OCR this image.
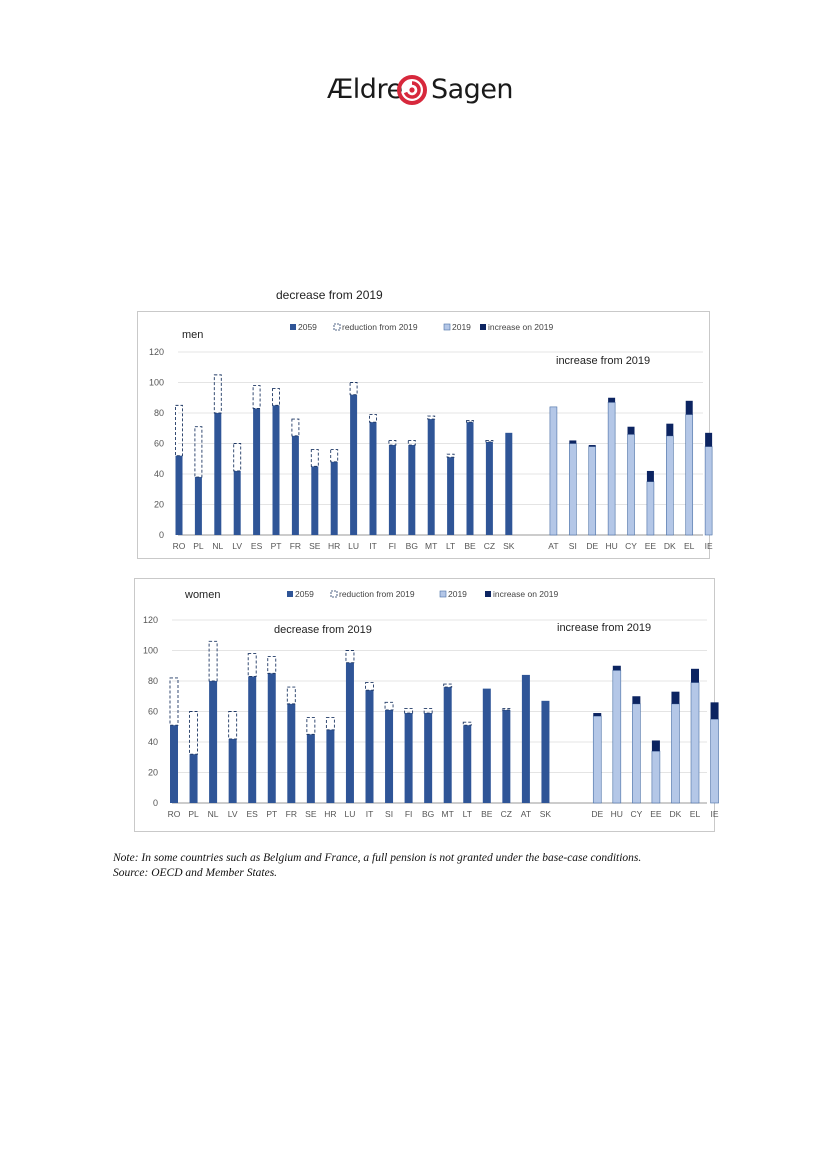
Ældre Sagen
decrease from 2019
0
20
40
60
80
100
120
men
2059	reduction from 2019	2019 increase on 2019
increase from 2019
RO PL NL LV ES PT FR SE HR LU IT FI BG MT LT BE CZ SK	AT SI DE HU CY EE DK EL IE
0
20
40
60
80
100
120
women	2059	reduction from 2019	2019	increase on 2019
decrease from 2019	increase from 2019
RO PL NL LV ES PT FR SE HR LU IT SI FI BG MT LT BE CZ AT SK	DE HU CY EE DK EL IE
Note: In some countries such as Belgium and France, a full pension is not granted under the base-case conditions.
Source: OECD and Member States.
